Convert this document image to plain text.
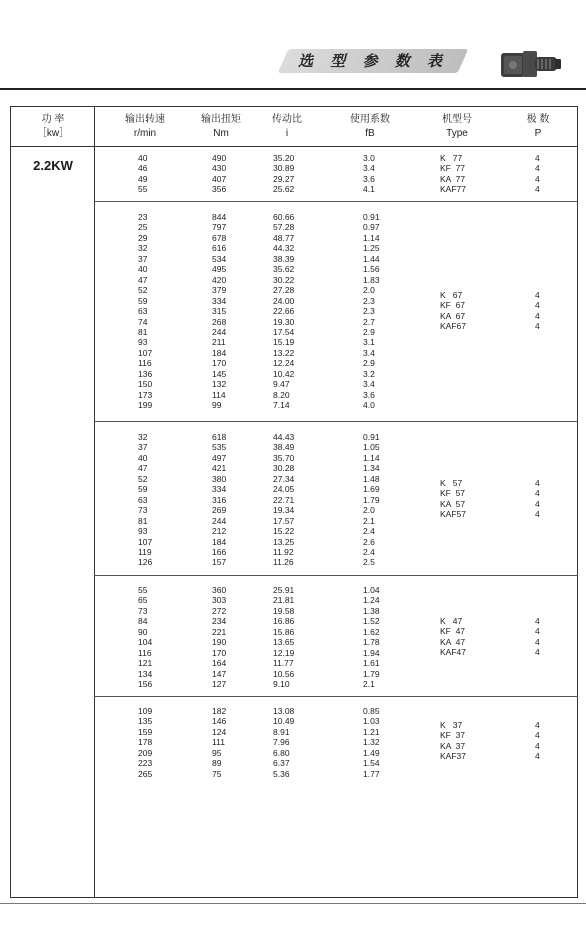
选 型 参 数 表
功 率
［kw］
输出转速
r/min
输出扭矩
Nm
传动比
i
使用系数
fB
机型号
Type
极 数
P
2.2KW	40
46
49
55
490
430
407
356
35.20
30.89
29.27
25.62
3.0
3.4
3.6
4.1
K   77
KF  77
KA  77
KAF77
4
4
4
4
23
25
29
32
37
40
47
52
59
63
74
81
93
107
116
136
150
173
199
844
797
678
616
534
495
420
379
334
315
268
244
211
184
170
145
132
114
99
60.66
57.28
48.77
44.32
38.39
35.62
30.22
27.28
24.00
22.66
19.30
17.54
15.19
13.22
12.24
10.42
9.47
8.20
7.14
0.91
0.97
1.14
1.25
1.44
1.56
1.83
2.0
2.3
2.3
2.7
2.9
3.1
3.4
2.9
3.2
3.4
3.6
4.0
K   67
KF  67
KA  67
KAF67
4
4
4
4
32
37
40
47
52
59
63
73
81
93
107
119
126
618
535
497
421
380
334
316
269
244
212
184
166
157
44.43
38.49
35.70
30.28
27.34
24.05
22.71
19.34
17.57
15.22
13.25
11.92
11.26
0.91
1.05
1.14
1.34
1.48
1.69
1.79
2.0
2.1
2.4
2.6
2.4
2.5
K   57
KF  57
KA  57
KAF57
4
4
4
4
55
65
73
84
90
104
116
121
134
156
360
303
272
234
221
190
170
164
147
127
25.91
21.81
19.58
16.86
15.86
13.65
12.19
11.77
10.56
9.10
1.04
1.24
1.38
1.52
1.62
1.78
1.94
1.61
1.79
2.1
K   47
KF  47
KA  47
KAF47
4
4
4
4
109
135
159
178
209
223
265
182
146
124
111
95
89
75
13.08
10.49
8.91
7.96
6.80
6.37
5.36
0.85
1.03
1.21
1.32
1.49
1.54
1.77
K   37
KF  37
KA  37
KAF37
4
4
4
4
